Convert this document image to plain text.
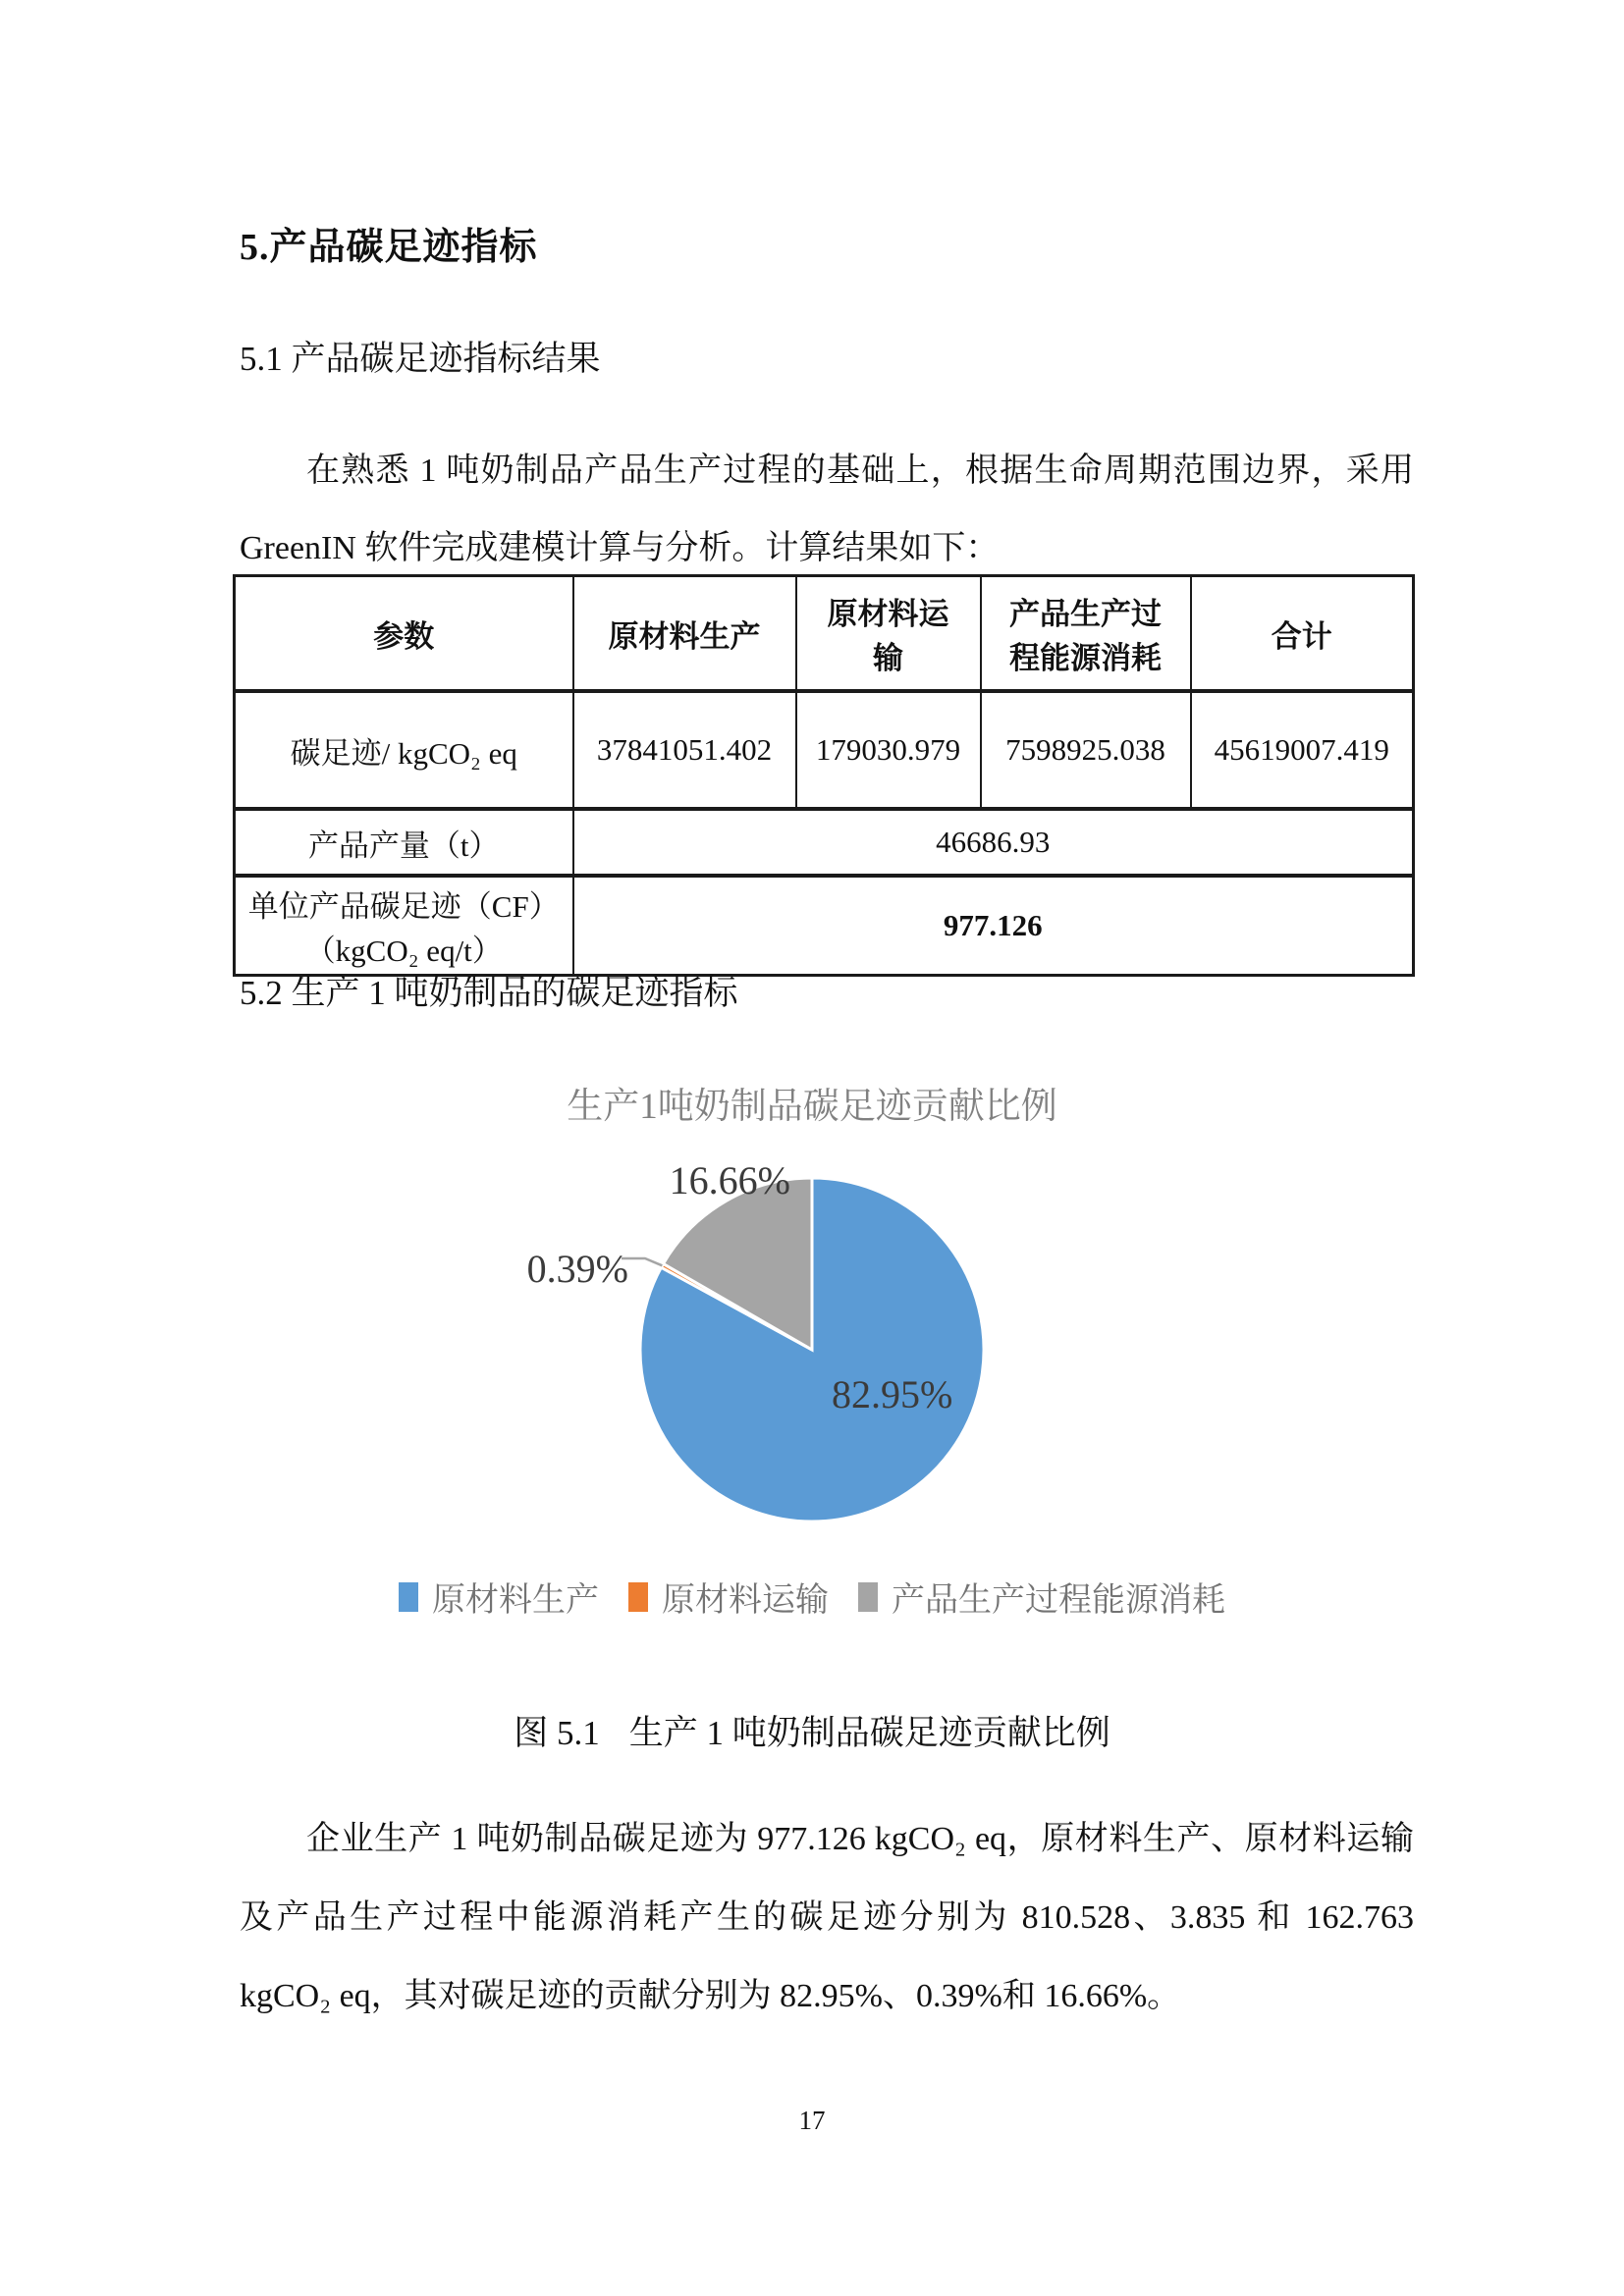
5.产品碳足迹指标
5.1 产品碳足迹指标结果
在熟悉 1 吨奶制品产品生产过程的基础上，根据生命周期范围边界，采用 GreenIN 软件完成建模计算与分析。计算结果如下：
参数	原材料生产	原材料运输	产品生产过程能源消耗	合计
碳足迹/ kgCO₂ eq	37841051.402	179030.979	7598925.038	45619007.419
产品产量（t）	46686.93			
单位产品碳足迹（CF）
（kgCO₂ eq/t）	977.126			
5.2 生产 1 吨奶制品的碳足迹指标
生产1吨奶制品碳足迹贡献比例
16.66%
0.39%
82.95%
原材料生产 原材料运输 产品生产过程能源消耗
图 5.1 生产 1 吨奶制品碳足迹贡献比例
企业生产 1 吨奶制品碳足迹为 977.126 kgCO₂ eq，原材料生产、原材料运输及产品生产过程中能源消耗产生的碳足迹分别为 810.528、3.835 和 162.763 kgCO₂ eq，其对碳足迹的贡献分别为 82.95%、0.39%和 16.66%。
17
